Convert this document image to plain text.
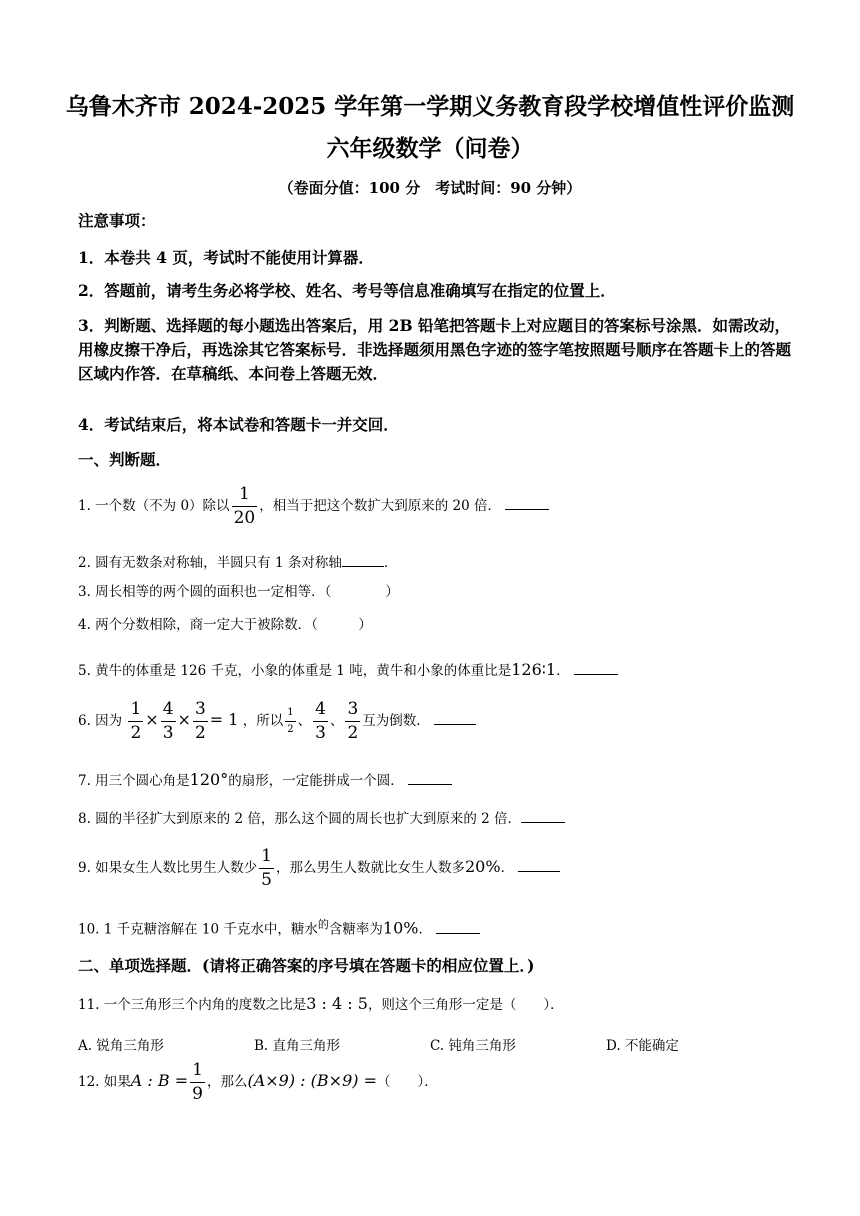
乌鲁木齐市 2024-2025 学年第一学期义务教育段学校增值性评价监测
六年级数学（问卷）
（卷面分值：100 分　考试时间：90 分钟）
注意事项：
1．本卷共 4 页，考试时不能使用计算器．
2．答题前，请考生务必将学校、姓名、考号等信息准确填写在指定的位置上．
3．判断题、选择题的每小题选出答案后，用 2B 铅笔把答题卡上对应题目的答案标号涂黑．如需改动，用橡皮擦干净后，再选涂其它答案标号．非选择题须用黑色字迹的签字笔按照题号顺序在答题卡上的答题区域内作答．在草稿纸、本问卷上答题无效．
4．考试结束后，将本试卷和答题卡一并交回．
一、判断题．
1. 一个数（不为 0）除以 $\frac{1}{20}$ ，相当于把这个数扩大到原来的 20 倍．
2. 圆有无数条对称轴，半圆只有 1 条对称轴	．
3. 周长相等的两个圆的面积也一定相等．（　　　　）
4. 两个分数相除，商一定大于被除数．（　　　）
5. 黄牛的体重是 126 千克，小象的体重是 1 吨，黄牛和小象的体重比是126∶1．
6. 因为 $\frac{1}{2} \times \frac{4}{3} \times \frac{3}{2} = 1$ ，所以 $\frac{1}{2}$ 、 $\frac{4}{3}$ 、 $\frac{3}{2}$ 互为倒数．
7. 用三个圆心角是120°的扇形，一定能拼成一个圆．
8. 圆的半径扩大到原来的 2 倍，那么这个圆的周长也扩大到原来的 2 倍．
9. 如果女生人数比男生人数少 $\frac{1}{5}$ ，那么男生人数就比女生人数多20%．
10. 1 千克糖溶解在 10 千克水中，糖水$^的$含糖率为10%．
二、单项选择题．(请将正确答案的序号填在答题卡的相应位置上．)
11. 一个三角形三个内角的度数之比是3 : 4 : 5，则这个三角形一定是（　　）．
A. 锐角三角形	B. 直角三角形	C. 钝角三角形	D. 不能确定
12. 如果A : $B = \frac{1}{9}$ ，那么(A×9) : (B×9) =（　　）．
